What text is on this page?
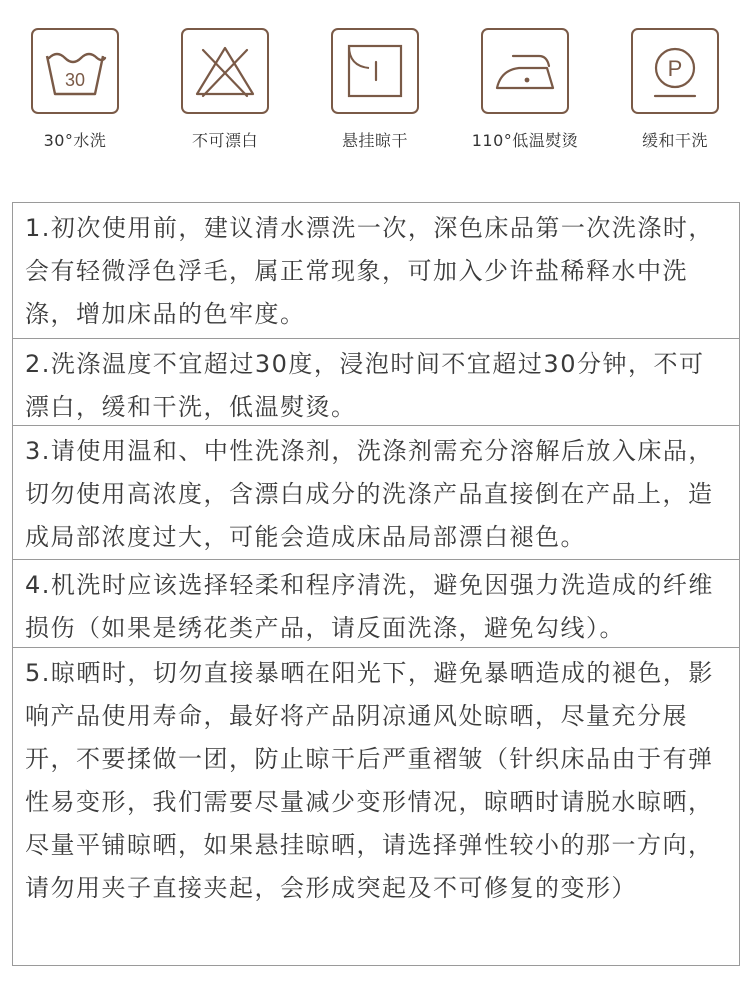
30
30°水洗	不可漂白	悬挂晾干	110°低温熨烫
P
缓和干洗

1.初次使用前，建议清水漂洗一次，深色床品第一次洗涤时，会有轻微浮色浮毛，属正常现象，可加入少许盐稀释水中洗涤，增加床品的色牢度。

2.洗涤温度不宜超过30度，浸泡时间不宜超过30分钟，不可漂白，缓和干洗，低温熨烫。

3.请使用温和、中性洗涤剂，洗涤剂需充分溶解后放入床品，切勿使用高浓度，含漂白成分的洗涤产品直接倒在产品上，造成局部浓度过大，可能会造成床品局部漂白褪色。

4.机洗时应该选择轻柔和程序清洗，避免因强力洗造成的纤维损伤（如果是绣花类产品，请反面洗涤，避免勾线）。

5.晾晒时，切勿直接暴晒在阳光下，避免暴晒造成的褪色，影响产品使用寿命，最好将产品阴凉通风处晾晒，尽量充分展开，不要揉做一团，防止晾干后严重褶皱（针织床品由于有弹性易变形，我们需要尽量减少变形情况，晾晒时请脱水晾晒，尽量平铺晾晒，如果悬挂晾晒，请选择弹性较小的那一方向，请勿用夹子直接夹起，会形成突起及不可修复的变形）
